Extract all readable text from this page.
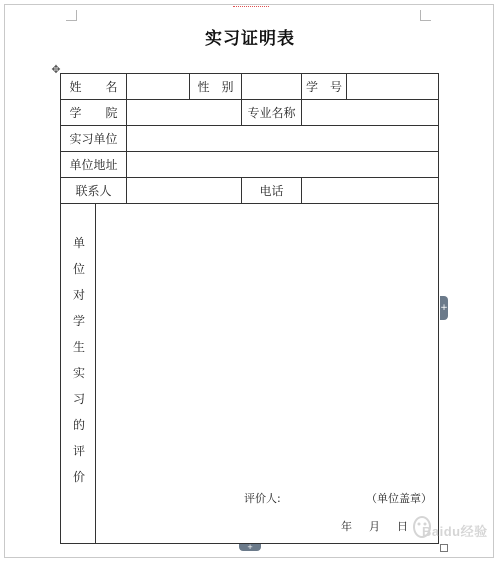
实习证明表
✥
姓　　名	性　别	学　号
学　　院	专业名称
实习单位
单位地址
联系人	电话
单
位
对
学
生
实
习
的
评
价
评价人:	（单位盖章）
年 月 日
+
+
Baidu经验
